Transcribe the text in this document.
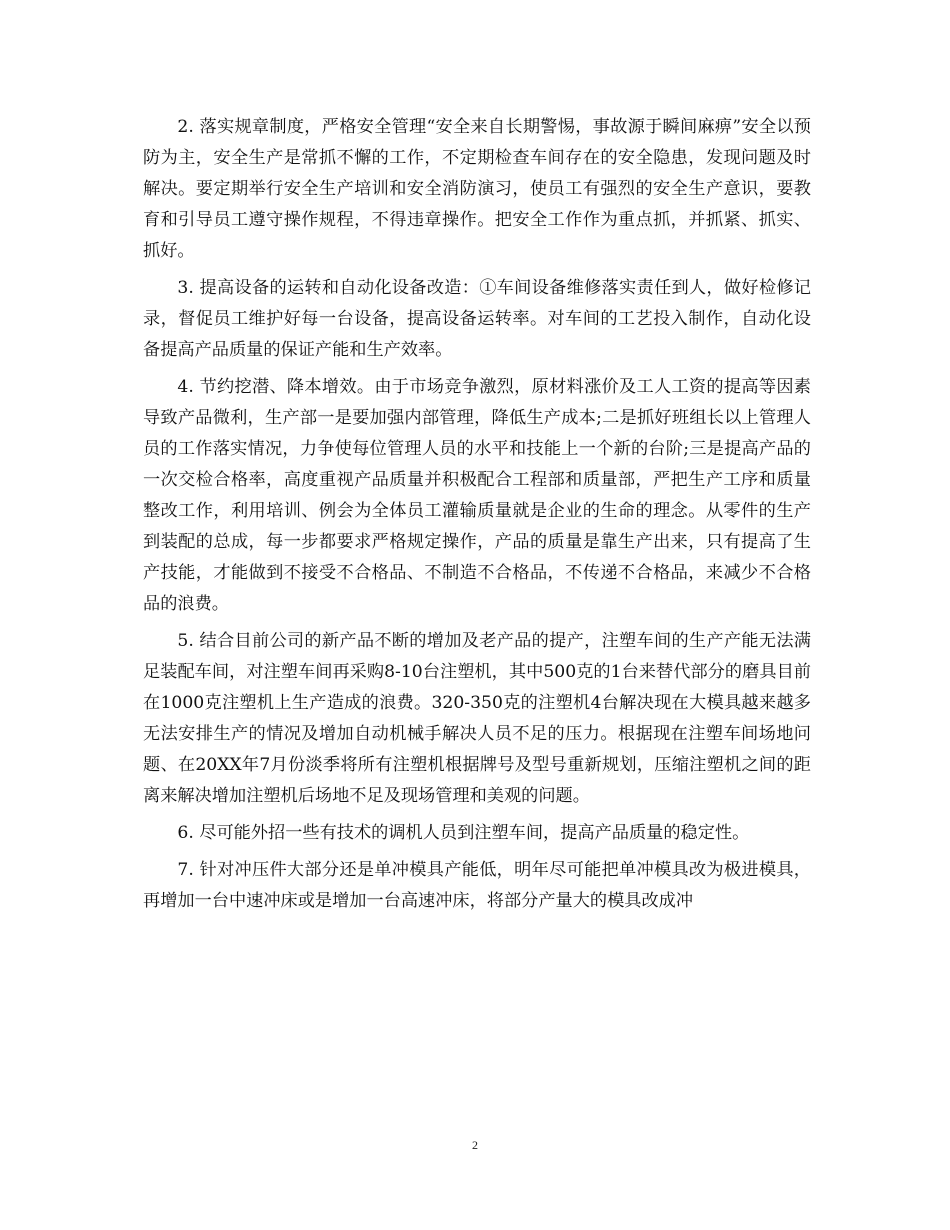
2. 落实规章制度，严格安全管理“安全来自长期警惕，事故源于瞬间麻痹”安全以预防为主，安全生产是常抓不懈的工作，不定期检查车间存在的安全隐患，发现问题及时解决。要定期举行安全生产培训和安全消防演习，使员工有强烈的安全生产意识，要教育和引导员工遵守操作规程，不得违章操作。把安全工作作为重点抓，并抓紧、抓实、抓好。

3. 提高设备的运转和自动化设备改造：①车间设备维修落实责任到人，做好检修记录，督促员工维护好每一台设备，提高设备运转率。对车间的工艺投入制作，自动化设备提高产品质量的保证产能和生产效率。

4. 节约挖潜、降本增效。由于市场竞争激烈，原材料涨价及工人工资的提高等因素导致产品微利，生产部一是要加强内部管理，降低生产成本;二是抓好班组长以上管理人员的工作落实情况，力争使每位管理人员的水平和技能上一个新的台阶;三是提高产品的一次交检合格率，高度重视产品质量并积极配合工程部和质量部，严把生产工序和质量整改工作，利用培训、例会为全体员工灌输质量就是企业的生命的理念。从零件的生产到装配的总成，每一步都要求严格规定操作，产品的质量是靠生产出来，只有提高了生产技能，才能做到不接受不合格品、不制造不合格品，不传递不合格品，来减少不合格品的浪费。

5. 结合目前公司的新产品不断的增加及老产品的提产，注塑车间的生产产能无法满足装配车间，对注塑车间再采购8-10台注塑机，其中500克的1台来替代部分的磨具目前在1000克注塑机上生产造成的浪费。320-350克的注塑机4台解决现在大模具越来越多无法安排生产的情况及增加自动机械手解决人员不足的压力。根据现在注塑车间场地问题、在20XX年7月份淡季将所有注塑机根据牌号及型号重新规划，压缩注塑机之间的距离来解决增加注塑机后场地不足及现场管理和美观的问题。

6. 尽可能外招一些有技术的调机人员到注塑车间，提高产品质量的稳定性。

7. 针对冲压件大部分还是单冲模具产能低，明年尽可能把单冲模具改为极进模具，再增加一台中速冲床或是增加一台高速冲床，将部分产量大的模具改成冲

2
